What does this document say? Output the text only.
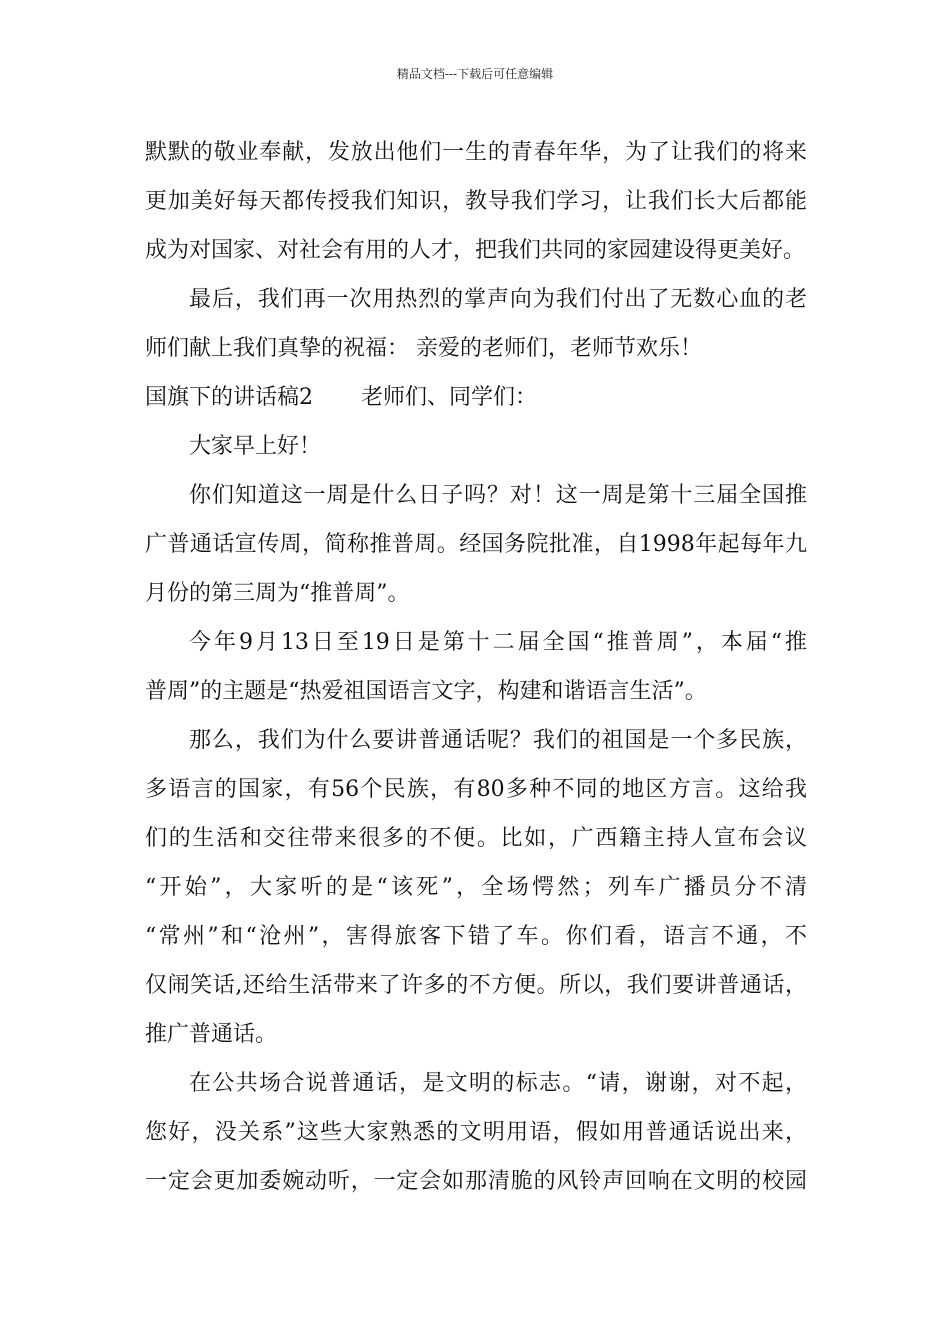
精品文档---下载后可任意编辑
默默的敬业奉献，发放出他们一生的青春年华，为了让我们的将来
更加美好每天都传授我们知识，教导我们学习，让我们长大后都能
成为对国家、对社会有用的人才，把我们共同的家园建设得更美好。
最后，我们再一次用热烈的掌声向为我们付出了无数心血的老
师们献上我们真挚的祝福： 亲爱的老师们，老师节欢乐！
国旗下的讲话稿2 老师们、同学们：
大家早上好！
你们知道这一周是什么日子吗？对！这一周是第十三届全国推
广普通话宣传周，简称推普周。经国务院批准，自1998年起每年九
月份的第三周为“推普周”。
今年9月13日至19日是第十二届全国“推普周”，本届“推
普周”的主题是“热爱祖国语言文字，构建和谐语言生活”。
那么，我们为什么要讲普通话呢？我们的祖国是一个多民族，
多语言的国家，有56个民族，有80多种不同的地区方言。这给我
们的生活和交往带来很多的不便。比如，广西籍主持人宣布会议
“开始”，大家听的是“该死”，全场愕然；列车广播员分不清
“常州”和“沧州”，害得旅客下错了车。你们看，语言不通，不
仅闹笑话,还给生活带来了许多的不方便。所以，我们要讲普通话，
推广普通话。
在公共场合说普通话，是文明的标志。“请，谢谢，对不起，
您好，没关系”这些大家熟悉的文明用语，假如用普通话说出来，
一定会更加委婉动听，一定会如那清脆的风铃声回响在文明的校园
